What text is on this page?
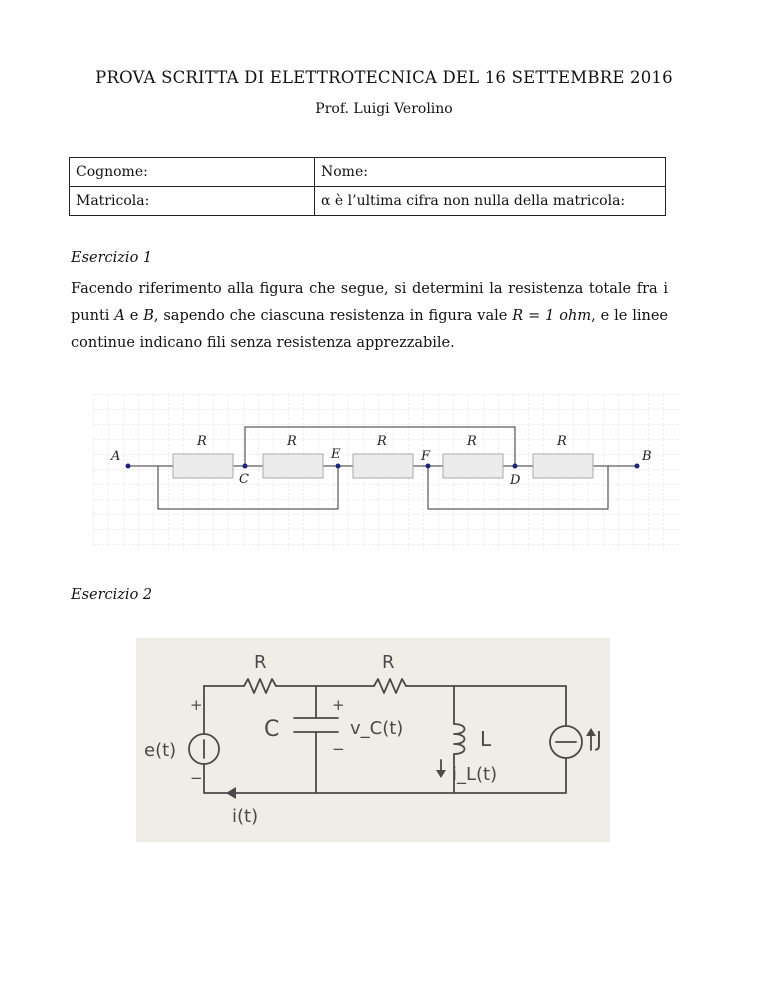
PROVA SCRITTA DI ELETTROTECNICA DEL 16 SETTEMBRE 2016
Prof. Luigi Verolino
Cognome:	Nome:
Matricola:	α è l’ultima cifra non nulla della matricola:
Esercizio 1
Facendo riferimento alla figura che segue, si determini la resistenza totale fra i punti A e B, sapendo che ciascuna resistenza in figura vale R = 1 ohm, e le linee continue indicano fili senza resistenza apprezzabile.
R	R	R	R	R
A
C
E	F
D
B
Esercizio 2
R	R
e(t)
+
−
C
+
−
v_C(t)	L
i_L(t)
J
i(t)
